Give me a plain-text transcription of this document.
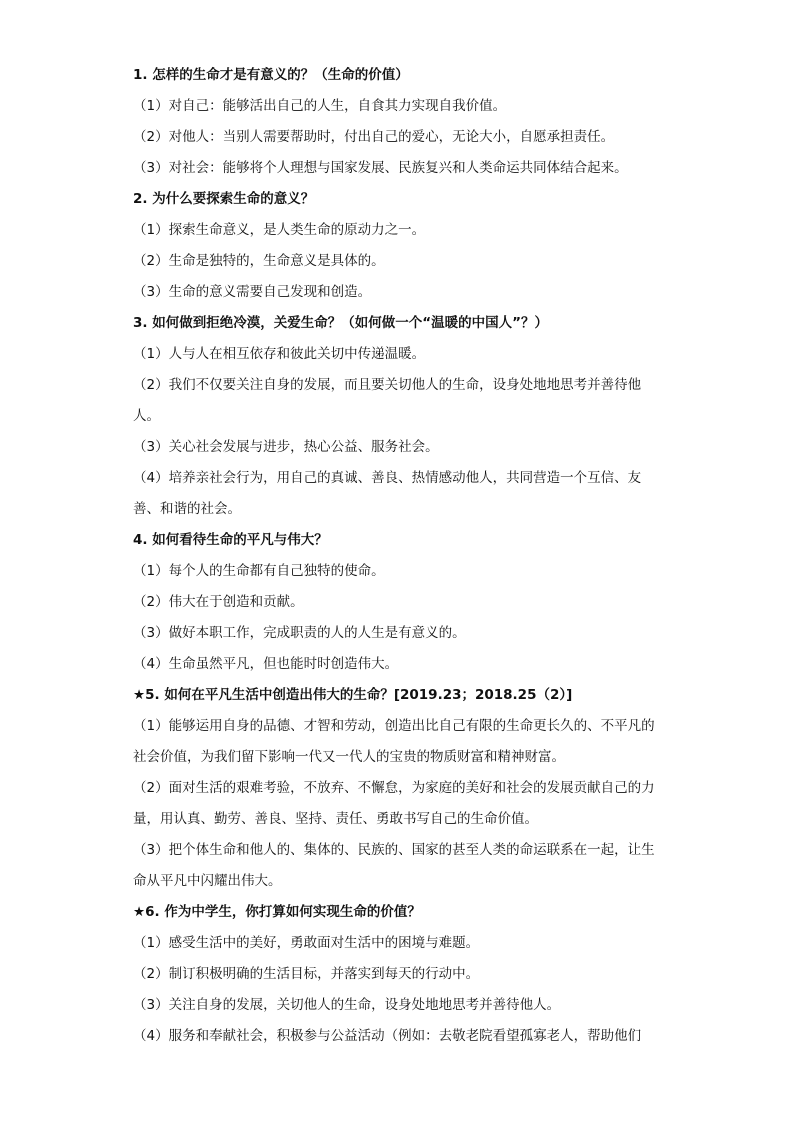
1. 怎样的生命才是有意义的？（生命的价值）

（1）对自己：能够活出自己的人生，自食其力实现自我价值。

（2）对他人：当别人需要帮助时，付出自己的爱心，无论大小，自愿承担责任。

（3）对社会：能够将个人理想与国家发展、民族复兴和人类命运共同体结合起来。

2. 为什么要探索生命的意义？

（1）探索生命意义，是人类生命的原动力之一。

（2）生命是独特的，生命意义是具体的。

（3）生命的意义需要自己发现和创造。

3. 如何做到拒绝冷漠，关爱生命？（如何做一个“温暖的中国人”？）

（1）人与人在相互依存和彼此关切中传递温暖。

（2）我们不仅要关注自身的发展，而且要关切他人的生命，设身处地地思考并善待他人。

（3）关心社会发展与进步，热心公益、服务社会。

（4）培养亲社会行为，用自己的真诚、善良、热情感动他人，共同营造一个互信、友善、和谐的社会。

4. 如何看待生命的平凡与伟大？

（1）每个人的生命都有自己独特的使命。

（2）伟大在于创造和贡献。

（3）做好本职工作，完成职责的人的人生是有意义的。

（4）生命虽然平凡，但也能时时创造伟大。

★5. 如何在平凡生活中创造出伟大的生命？[2019.23；2018.25（2）]

（1）能够运用自身的品德、才智和劳动，创造出比自己有限的生命更长久的、不平凡的社会价值，为我们留下影响一代又一代人的宝贵的物质财富和精神财富。

（2）面对生活的艰难考验，不放弃、不懈怠，为家庭的美好和社会的发展贡献自己的力量，用认真、勤劳、善良、坚持、责任、勇敢书写自己的生命价值。

（3）把个体生命和他人的、集体的、民族的、国家的甚至人类的命运联系在一起，让生命从平凡中闪耀出伟大。

★6. 作为中学生，你打算如何实现生命的价值？

（1）感受生活中的美好，勇敢面对生活中的困境与难题。

（2）制订积极明确的生活目标，并落实到每天的行动中。

（3）关注自身的发展，关切他人的生命，设身处地地思考并善待他人。

（4）服务和奉献社会，积极参与公益活动（例如：去敬老院看望孤寡老人，帮助他们
